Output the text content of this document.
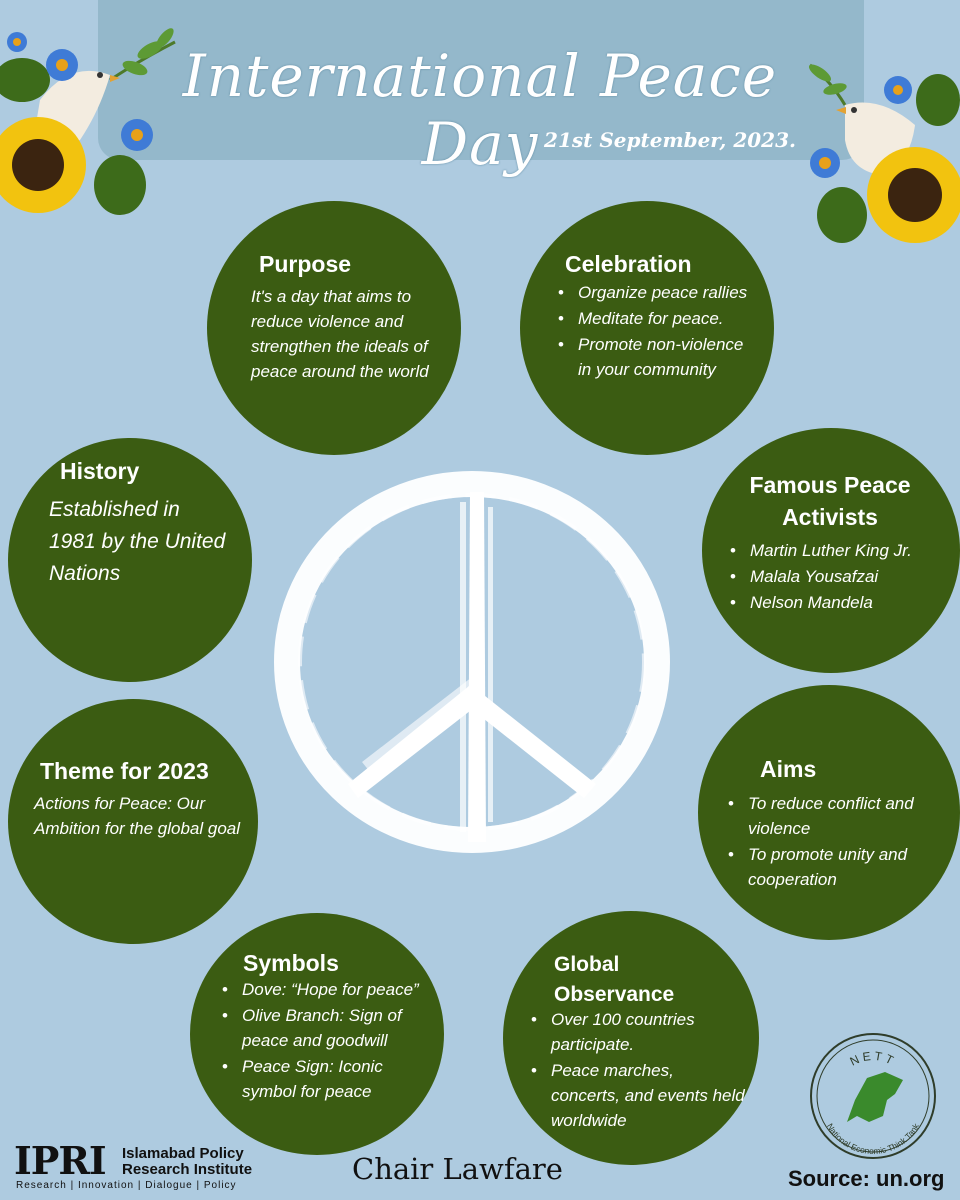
International Peace Day 21st September, 2023.
Purpose
It's a day that aims to reduce violence and strengthen the ideals of peace around the world
Celebration
• Organize peace rallies
• Meditate for peace.
• Promote non-violence in your community
History
Established in 1981 by the United Nations
Famous Peace Activists
• Martin Luther King Jr.
• Malala Yousafzai
• Nelson Mandela
Theme for 2023
Actions for Peace: Our Ambition for the global goal
Aims
• To reduce conflict and violence
• To promote unity and cooperation
Symbols
• Dove: “Hope for peace”
• Olive Branch: Sign of peace and goodwill
• Peace Sign: Iconic symbol for peace
Global Observance
• Over 100 countries participate.
• Peace marches, concerts, and events held worldwide
IPRI Islamabad Policy Research Institute
Research | Innovation | Dialogue | Policy	Chair Lawfare
NETT
National Economic Think Tank
Source: un.org
